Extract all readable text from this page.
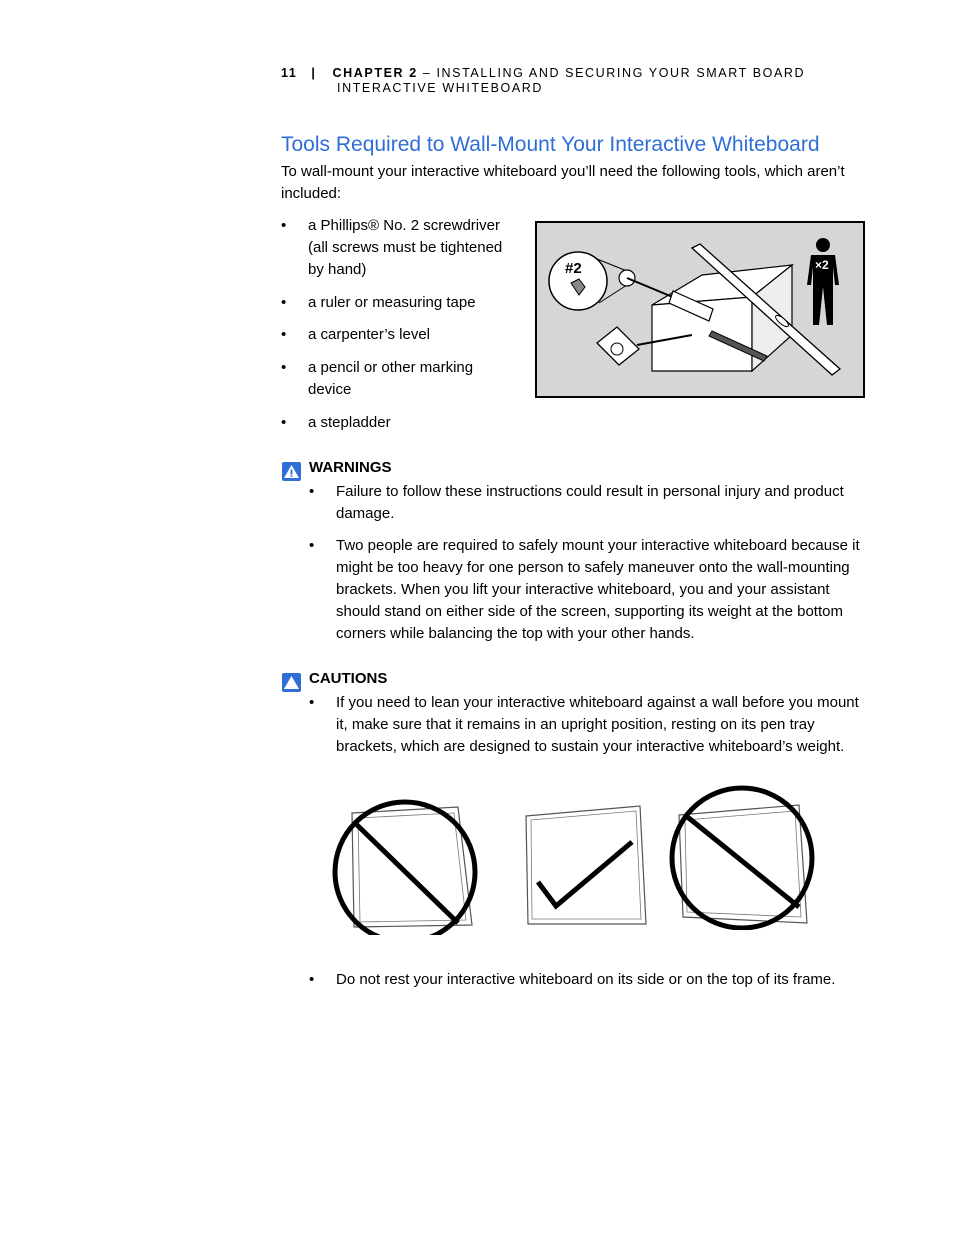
11 | CHAPTER 2 – INSTALLING AND SECURING YOUR SMART BOARD
INTERACTIVE WHITEBOARD
Tools Required to Wall-Mount Your Interactive Whiteboard
To wall-mount your interactive whiteboard you’ll need the following tools, which aren’t included:
• a Phillips® No. 2 screwdriver (all screws must be tightened by hand)
• a ruler or measuring tape
• a carpenter’s level
• a pencil or other marking device
• a stepladder
#2	×2
WARNINGS
• Failure to follow these instructions could result in personal injury and product damage.
• Two people are required to safely mount your interactive whiteboard because it might be too heavy for one person to safely maneuver onto the wall-mounting brackets. When you lift your interactive whiteboard, you and your assistant should stand on either side of the screen, supporting its weight at the bottom corners while balancing the top with your other hands.
CAUTIONS
• If you need to lean your interactive whiteboard against a wall before you mount it, make sure that it remains in an upright position, resting on its pen tray brackets, which are designed to sustain your interactive whiteboard’s weight.
• Do not rest your interactive whiteboard on its side or on the top of its frame.
